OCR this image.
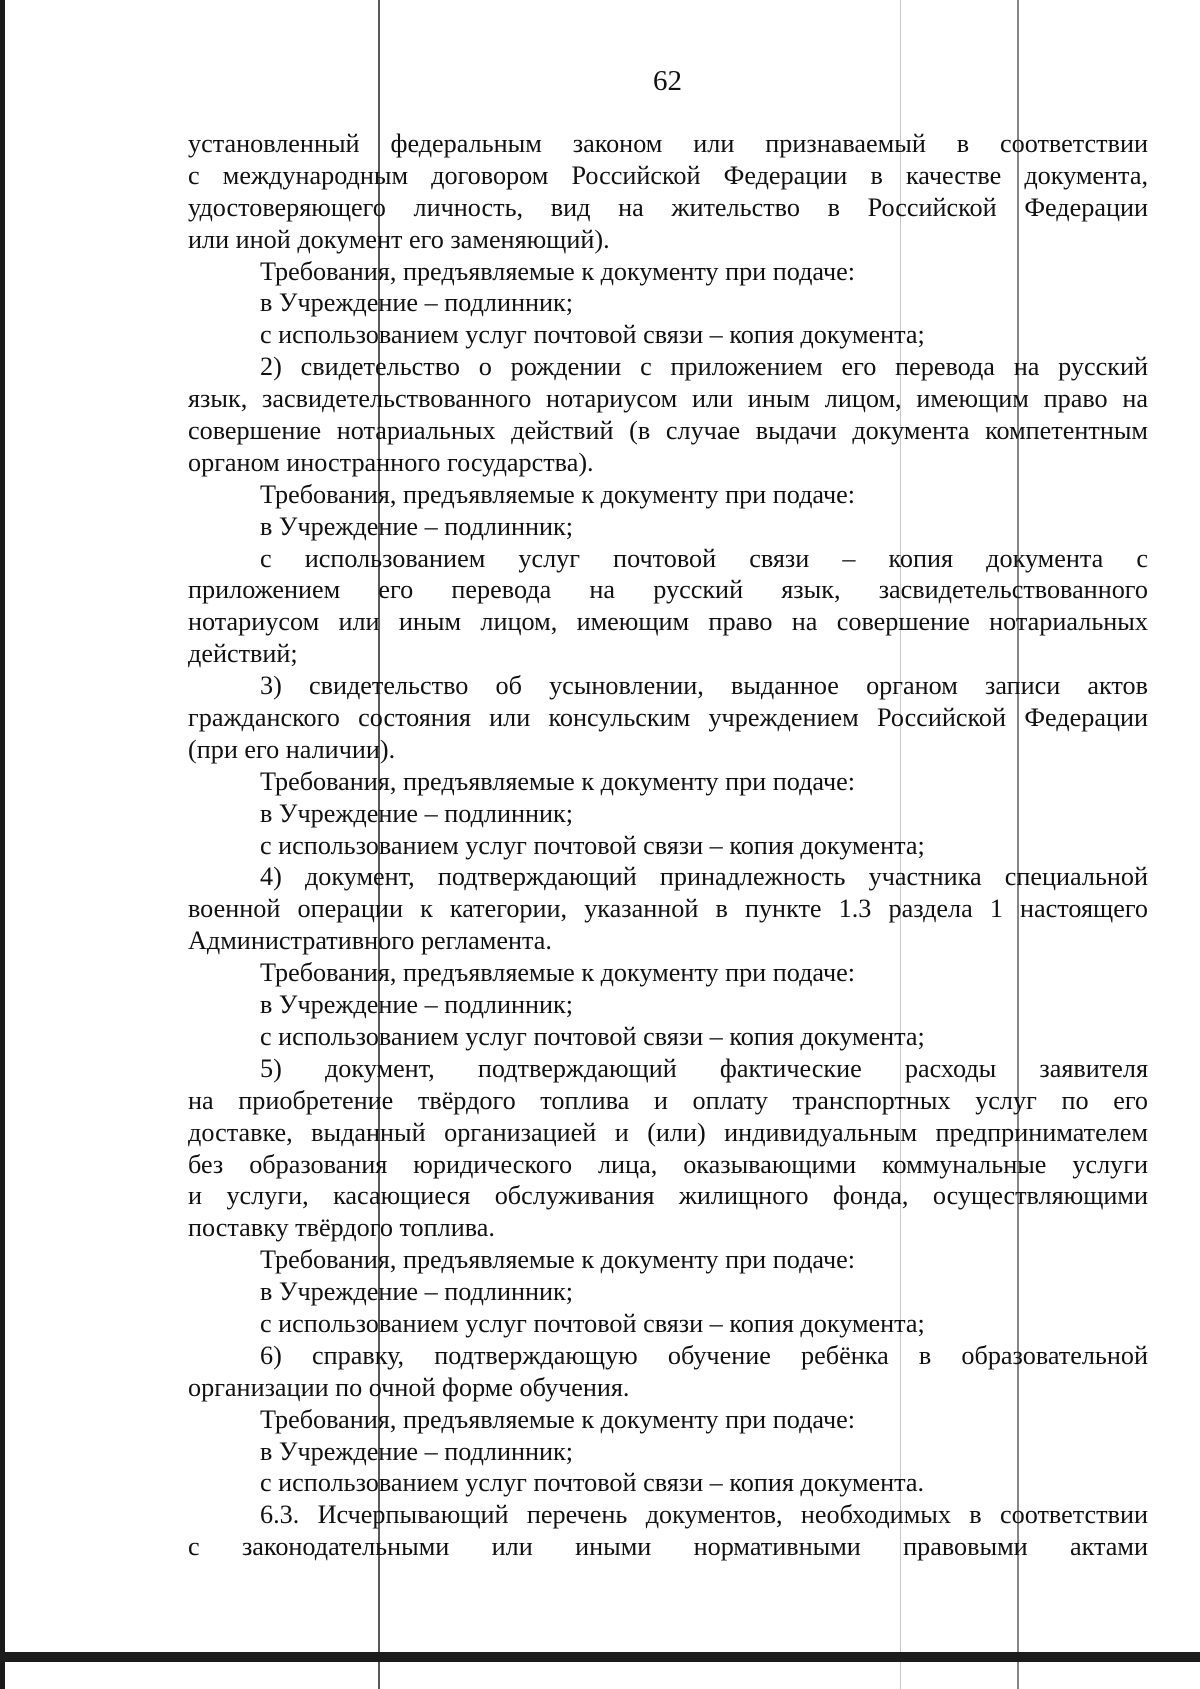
62
установленный федеральным законом или признаваемый в соответствии
с международным договором Российской Федерации в качестве документа,
удостоверяющего личность, вид на жительство в Российской Федерации
или иной документ его заменяющий).
Требования, предъявляемые к документу при подаче:
в Учреждение – подлинник;
с использованием услуг почтовой связи – копия документа;
2) свидетельство о рождении с приложением его перевода на русский
язык, засвидетельствованного нотариусом или иным лицом, имеющим право на
совершение нотариальных действий (в случае выдачи документа компетентным
органом иностранного государства).
Требования, предъявляемые к документу при подаче:
в Учреждение – подлинник;
с использованием услуг почтовой связи – копия документа с
приложением его перевода на русский язык, засвидетельствованного
нотариусом или иным лицом, имеющим право на совершение нотариальных
действий;
3) свидетельство об усыновлении, выданное органом записи актов
гражданского состояния или консульским учреждением Российской Федерации
(при его наличии).
Требования, предъявляемые к документу при подаче:
в Учреждение – подлинник;
с использованием услуг почтовой связи – копия документа;
4) документ, подтверждающий принадлежность участника специальной
военной операции к категории, указанной в пункте 1.3 раздела 1 настоящего
Административного регламента.
Требования, предъявляемые к документу при подаче:
в Учреждение – подлинник;
с использованием услуг почтовой связи – копия документа;
5) документ, подтверждающий фактические расходы заявителя
на приобретение твёрдого топлива и оплату транспортных услуг по его
доставке, выданный организацией и (или) индивидуальным предпринимателем
без образования юридического лица, оказывающими коммунальные услуги
и услуги, касающиеся обслуживания жилищного фонда, осуществляющими
поставку твёрдого топлива.
Требования, предъявляемые к документу при подаче:
в Учреждение – подлинник;
с использованием услуг почтовой связи – копия документа;
6) справку, подтверждающую обучение ребёнка в образовательной
организации по очной форме обучения.
Требования, предъявляемые к документу при подаче:
в Учреждение – подлинник;
с использованием услуг почтовой связи – копия документа.
6.3. Исчерпывающий перечень документов, необходимых в соответствии
с законодательными или иными нормативными правовыми актами
